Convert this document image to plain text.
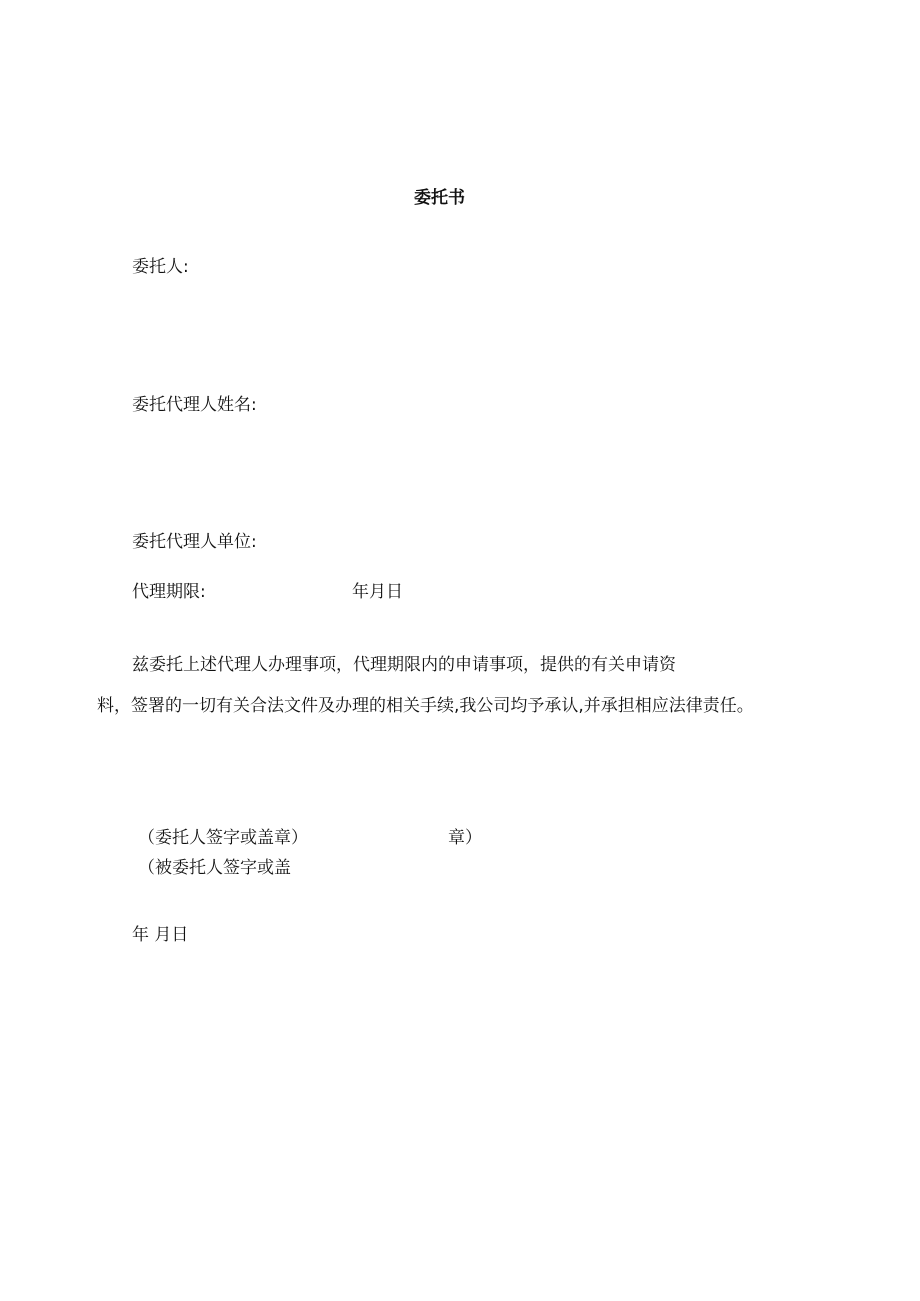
委托书
委托人:
委托代理人姓名:
委托代理人单位:
代理期限:	年月日
兹委托上述代理人办理事项，代理期限内的申请事项，提供的有关申请资
料，签署的一切有关合法文件及办理的相关手续,我公司均予承认,并承担相应法律责任。
（委托人签字或盖章）	章）
（被委托人签字或盖
年 月日
